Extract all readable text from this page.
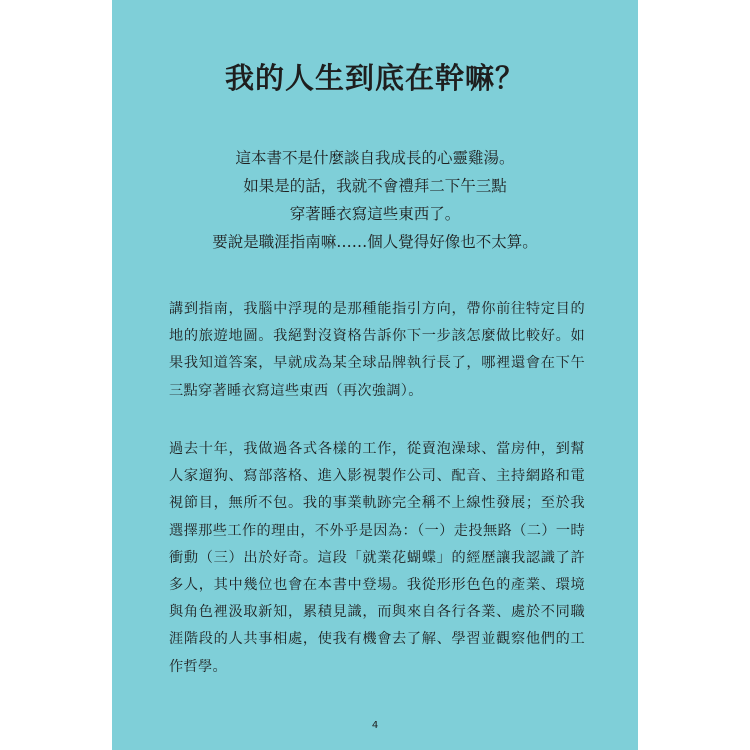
我的人生到底在幹嘛？
這本書不是什麼談自我成長的心靈雞湯。
如果是的話，我就不會禮拜二下午三點
穿著睡衣寫這些東西了。
要說是職涯指南嘛……個人覺得好像也不太算。

講到指南，我腦中浮現的是那種能指引方向，帶你前往特定目的地的旅遊地圖。我絕對沒資格告訴你下一步該怎麼做比較好。如果我知道答案，早就成為某全球品牌執行長了，哪裡還會在下午三點穿著睡衣寫這些東西（再次強調）。

過去十年，我做過各式各樣的工作，從賣泡澡球、當房仲，到幫人家遛狗、寫部落格、進入影視製作公司、配音、主持網路和電視節目，無所不包。我的事業軌跡完全稱不上線性發展；至於我選擇那些工作的理由，不外乎是因為：（一）走投無路（二）一時衝動（三）出於好奇。這段「就業花蝴蝶」的經歷讓我認識了許多人，其中幾位也會在本書中登場。我從形形色色的產業、環境與角色裡汲取新知，累積見識，而與來自各行各業、處於不同職涯階段的人共事相處，使我有機會去了解、學習並觀察他們的工作哲學。

4
